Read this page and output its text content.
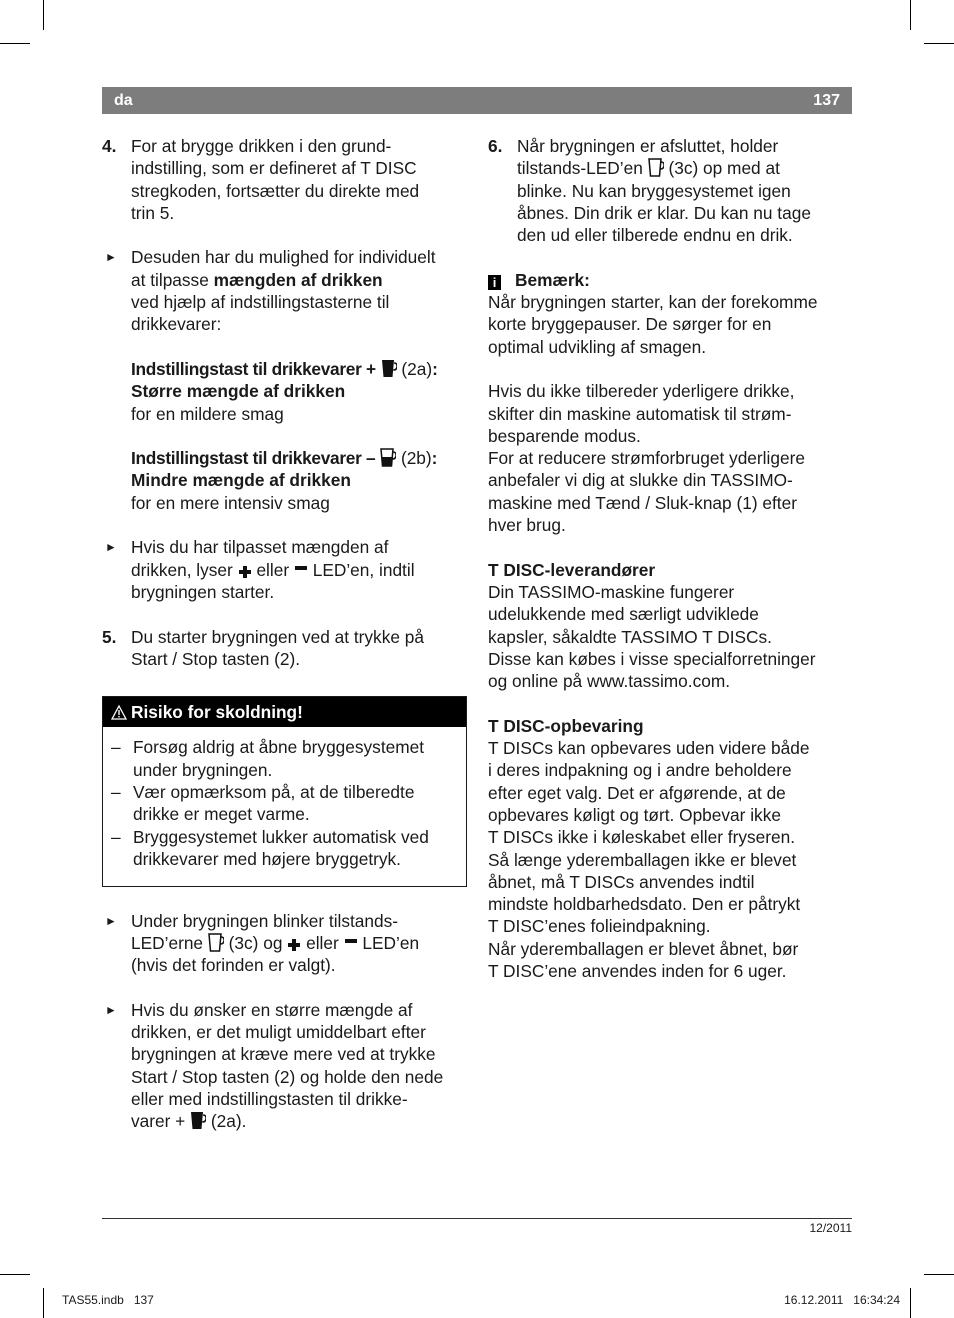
da	137
4. For at brygge drikken i den grund-
indstilling, som er defineret af T DISC
stregkoden, fortsætter du direkte med
trin 5.
► Desuden har du mulighed for individuelt
at tilpasse mængden af drikken
ved hjælp af indstillingstasterne til
drikkevarer:
Indstillingstast til drikkevarer + (2a):
Større mængde af drikken
for en mildere smag
Indstillingstast til drikkevarer – (2b):
Mindre mængde af drikken
for en mere intensiv smag
► Hvis du har tilpasset mængden af
drikken, lyser eller LED’en, indtil
brygningen starter.
5. Du starter brygningen ved at trykke på
Start / Stop tasten (2).
Risiko for skoldning!
– Forsøg aldrig at åbne bryggesystemet
under brygningen.
– Vær opmærksom på, at de tilberedte
drikke er meget varme.
– Bryggesystemet lukker automatisk ved
drikkevarer med højere bryggetryk.
► Under brygningen blinker tilstands-
LED’erne (3c) og eller LED’en
(hvis det forinden er valgt).
► Hvis du ønsker en større mængde af
drikken, er det muligt umiddelbart efter
brygningen at kræve mere ved at trykke
Start / Stop tasten (2) og holde den nede
eller med indstillingstasten til drikke-
varer + (2a).
6. Når brygningen er afsluttet, holder
tilstands-LED’en (3c) op med at
blinke. Nu kan bryggesystemet igen
åbnes. Din drik er klar. Du kan nu tage
den ud eller tilberede endnu en drik.
i Bemærk:
Når brygningen starter, kan der forekomme
korte bryggepauser. De sørger for en
optimal udvikling af smagen.
Hvis du ikke tilbereder yderligere drikke,
skifter din maskine automatisk til strøm-
besparende modus.
For at reducere strømforbruget yderligere
anbefaler vi dig at slukke din TASSIMO-
maskine med Tænd / Sluk-knap (1) efter
hver brug.
T DISC-leverandører
Din TASSIMO-maskine fungerer
udelukkende med særligt udviklede
kapsler, såkaldte TASSIMO T DISCs.
Disse kan købes i visse specialforretninger
og online på www.tassimo.com.
T DISC-opbevaring
T DISCs kan opbevares uden videre både
i deres indpakning og i andre beholdere
efter eget valg. Det er afgørende, at de
opbevares køligt og tørt. Opbevar ikke
T DISCs ikke i køleskabet eller fryseren.
Så længe yderemballagen ikke er blevet
åbnet, må T DISCs anvendes indtil
mindste holdbarhedsdato. Den er påtrykt
T DISC’enes folieindpakning.
Når yderemballagen er blevet åbnet, bør
T DISC’ene anvendes inden for 6 uger.
12/2011
TAS55.indb   137	16.12.2011   16:34:24
